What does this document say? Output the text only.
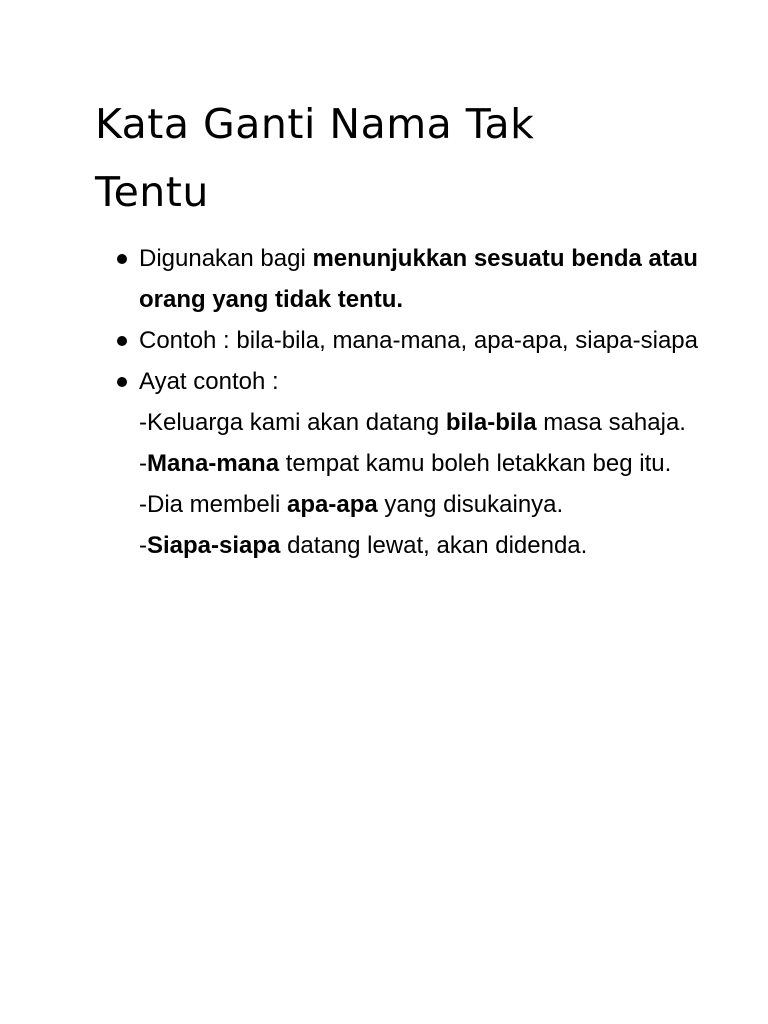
Kata Ganti Nama Tak Tentu
Digunakan bagi menunjukkan sesuatu benda atau orang yang tidak tentu.
Contoh : bila-bila, mana-mana, apa-apa, siapa-siapa
Ayat contoh :
-Keluarga kami akan datang bila-bila masa sahaja.
-Mana-mana tempat kamu boleh letakkan beg itu.
-Dia membeli apa-apa yang disukainya.
-Siapa-siapa datang lewat, akan didenda.
